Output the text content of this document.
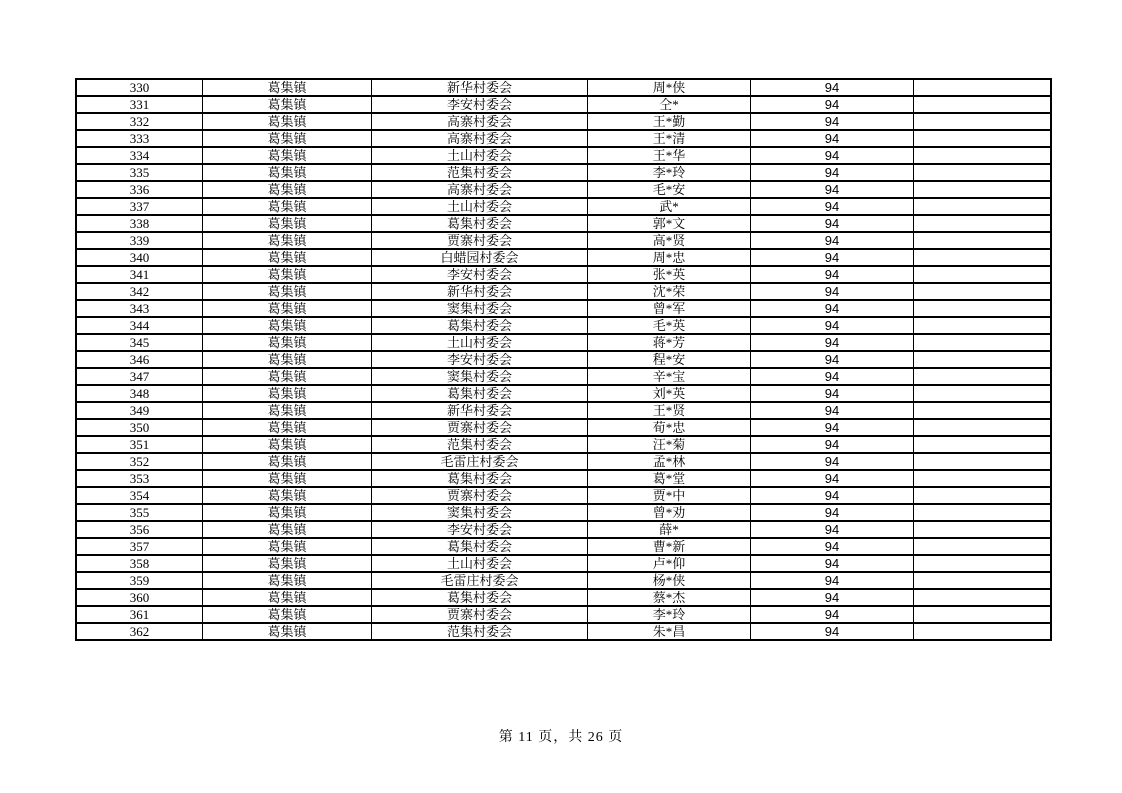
330	葛集镇	新华村委会	周*侠	94	
331	葛集镇	李安村委会	仝*	94	
332	葛集镇	高寨村委会	王*勤	94	
333	葛集镇	高寨村委会	王*清	94	
334	葛集镇	土山村委会	王*华	94	
335	葛集镇	范集村委会	李*玲	94	
336	葛集镇	高寨村委会	毛*安	94	
337	葛集镇	土山村委会	武*	94	
338	葛集镇	葛集村委会	郭*文	94	
339	葛集镇	贾寨村委会	高*贤	94	
340	葛集镇	白蜡园村委会	周*忠	94	
341	葛集镇	李安村委会	张*英	94	
342	葛集镇	新华村委会	沈*荣	94	
343	葛集镇	窦集村委会	曾*军	94	
344	葛集镇	葛集村委会	毛*英	94	
345	葛集镇	土山村委会	蒋*芳	94	
346	葛集镇	李安村委会	程*安	94	
347	葛集镇	窦集村委会	辛*宝	94	
348	葛集镇	葛集村委会	刘*英	94	
349	葛集镇	新华村委会	王*贤	94	
350	葛集镇	贾寨村委会	荀*忠	94	
351	葛集镇	范集村委会	汪*菊	94	
352	葛集镇	毛雷庄村委会	孟*林	94	
353	葛集镇	葛集村委会	葛*堂	94	
354	葛集镇	贾寨村委会	贾*中	94	
355	葛集镇	窦集村委会	曾*劝	94	
356	葛集镇	李安村委会	薛*	94	
357	葛集镇	葛集村委会	曹*新	94	
358	葛集镇	土山村委会	卢*仰	94	
359	葛集镇	毛雷庄村委会	杨*侠	94	
360	葛集镇	葛集村委会	蔡*杰	94	
361	葛集镇	贾寨村委会	李*玲	94	
362	葛集镇	范集村委会	朱*昌	94	
第 11 页，共 26 页
